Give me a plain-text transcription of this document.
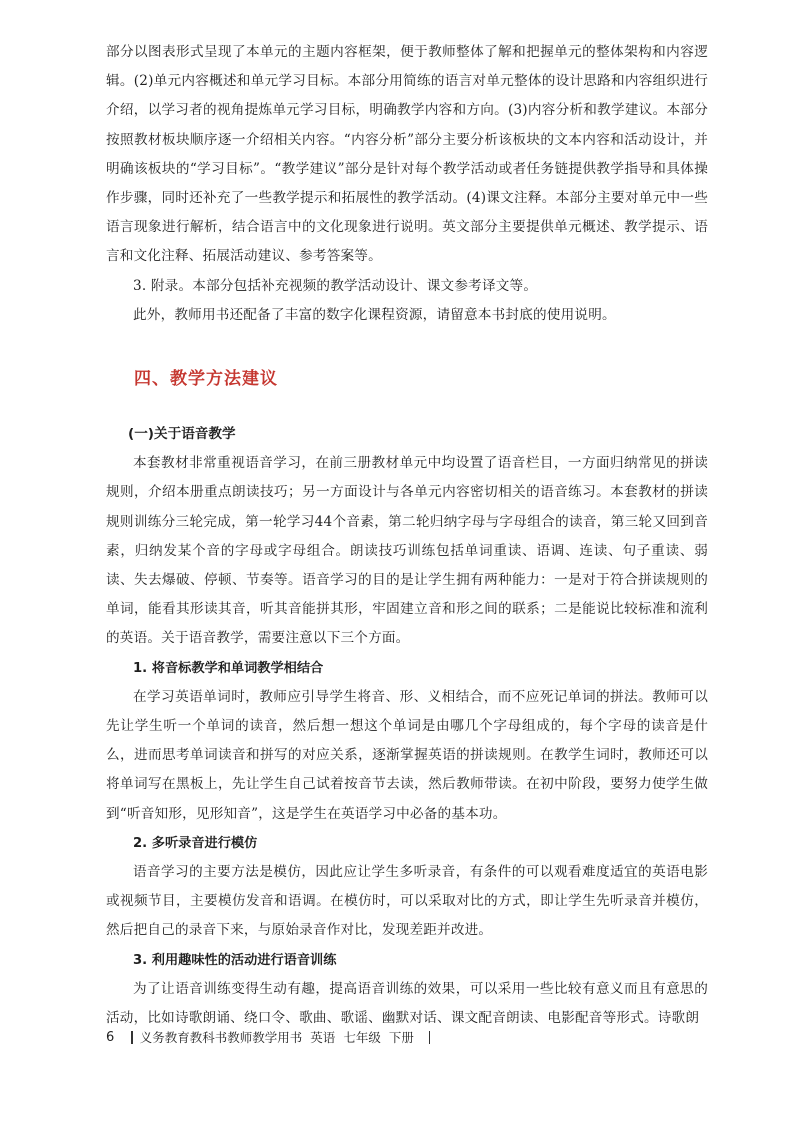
部分以图表形式呈现了本单元的主题内容框架，便于教师整体了解和把握单元的整体架构和内容逻辑。(2)单元内容概述和单元学习目标。本部分用简练的语言对单元整体的设计思路和内容组织进行介绍，以学习者的视角提炼单元学习目标，明确教学内容和方向。(3)内容分析和教学建议。本部分按照教材板块顺序逐一介绍相关内容。“内容分析”部分主要分析该板块的文本内容和活动设计，并明确该板块的“学习目标”。“教学建议”部分是针对每个教学活动或者任务链提供教学指导和具体操作步骤，同时还补充了一些教学提示和拓展性的教学活动。(4)课文注释。本部分主要对单元中一些语言现象进行解析，结合语言中的文化现象进行说明。英文部分主要提供单元概述、教学提示、语言和文化注释、拓展活动建议、参考答案等。

3. 附录。本部分包括补充视频的教学活动设计、课文参考译文等。

此外，教师用书还配备了丰富的数字化课程资源，请留意本书封底的使用说明。

四、教学方法建议
(一)关于语音教学

本套教材非常重视语音学习，在前三册教材单元中均设置了语音栏目，一方面归纳常见的拼读规则，介绍本册重点朗读技巧；另一方面设计与各单元内容密切相关的语音练习。本套教材的拼读规则训练分三轮完成，第一轮学习44个音素，第二轮归纳字母与字母组合的读音，第三轮又回到音素，归纳发某个音的字母或字母组合。朗读技巧训练包括单词重读、语调、连读、句子重读、弱读、失去爆破、停顿、节奏等。语音学习的目的是让学生拥有两种能力：一是对于符合拼读规则的单词，能看其形读其音，听其音能拼其形，牢固建立音和形之间的联系；二是能说比较标准和流利的英语。关于语音教学，需要注意以下三个方面。

1. 将音标教学和单词教学相结合

在学习英语单词时，教师应引导学生将音、形、义相结合，而不应死记单词的拼法。教师可以先让学生听一个单词的读音，然后想一想这个单词是由哪几个字母组成的，每个字母的读音是什么，进而思考单词读音和拼写的对应关系，逐渐掌握英语的拼读规则。在教学生词时，教师还可以将单词写在黑板上，先让学生自己试着按音节去读，然后教师带读。在初中阶段，要努力使学生做到“听音知形，见形知音”，这是学生在英语学习中必备的基本功。

2. 多听录音进行模仿

语音学习的主要方法是模仿，因此应让学生多听录音，有条件的可以观看难度适宜的英语电影或视频节目，主要模仿发音和语调。在模仿时，可以采取对比的方式，即让学生先听录音并模仿，然后把自己的录音下来，与原始录音作对比，发现差距并改进。

3. 利用趣味性的活动进行语音训练

为了让语音训练变得生动有趣，提高语音训练的效果，可以采用一些比较有意义而且有意思的活动，比如诗歌朗诵、绕口令、歌曲、歌谣、幽默对话、课文配音朗读、电影配音等形式。诗歌朗

6 义务教育教科书教师教学用书 英语 七年级 下册
